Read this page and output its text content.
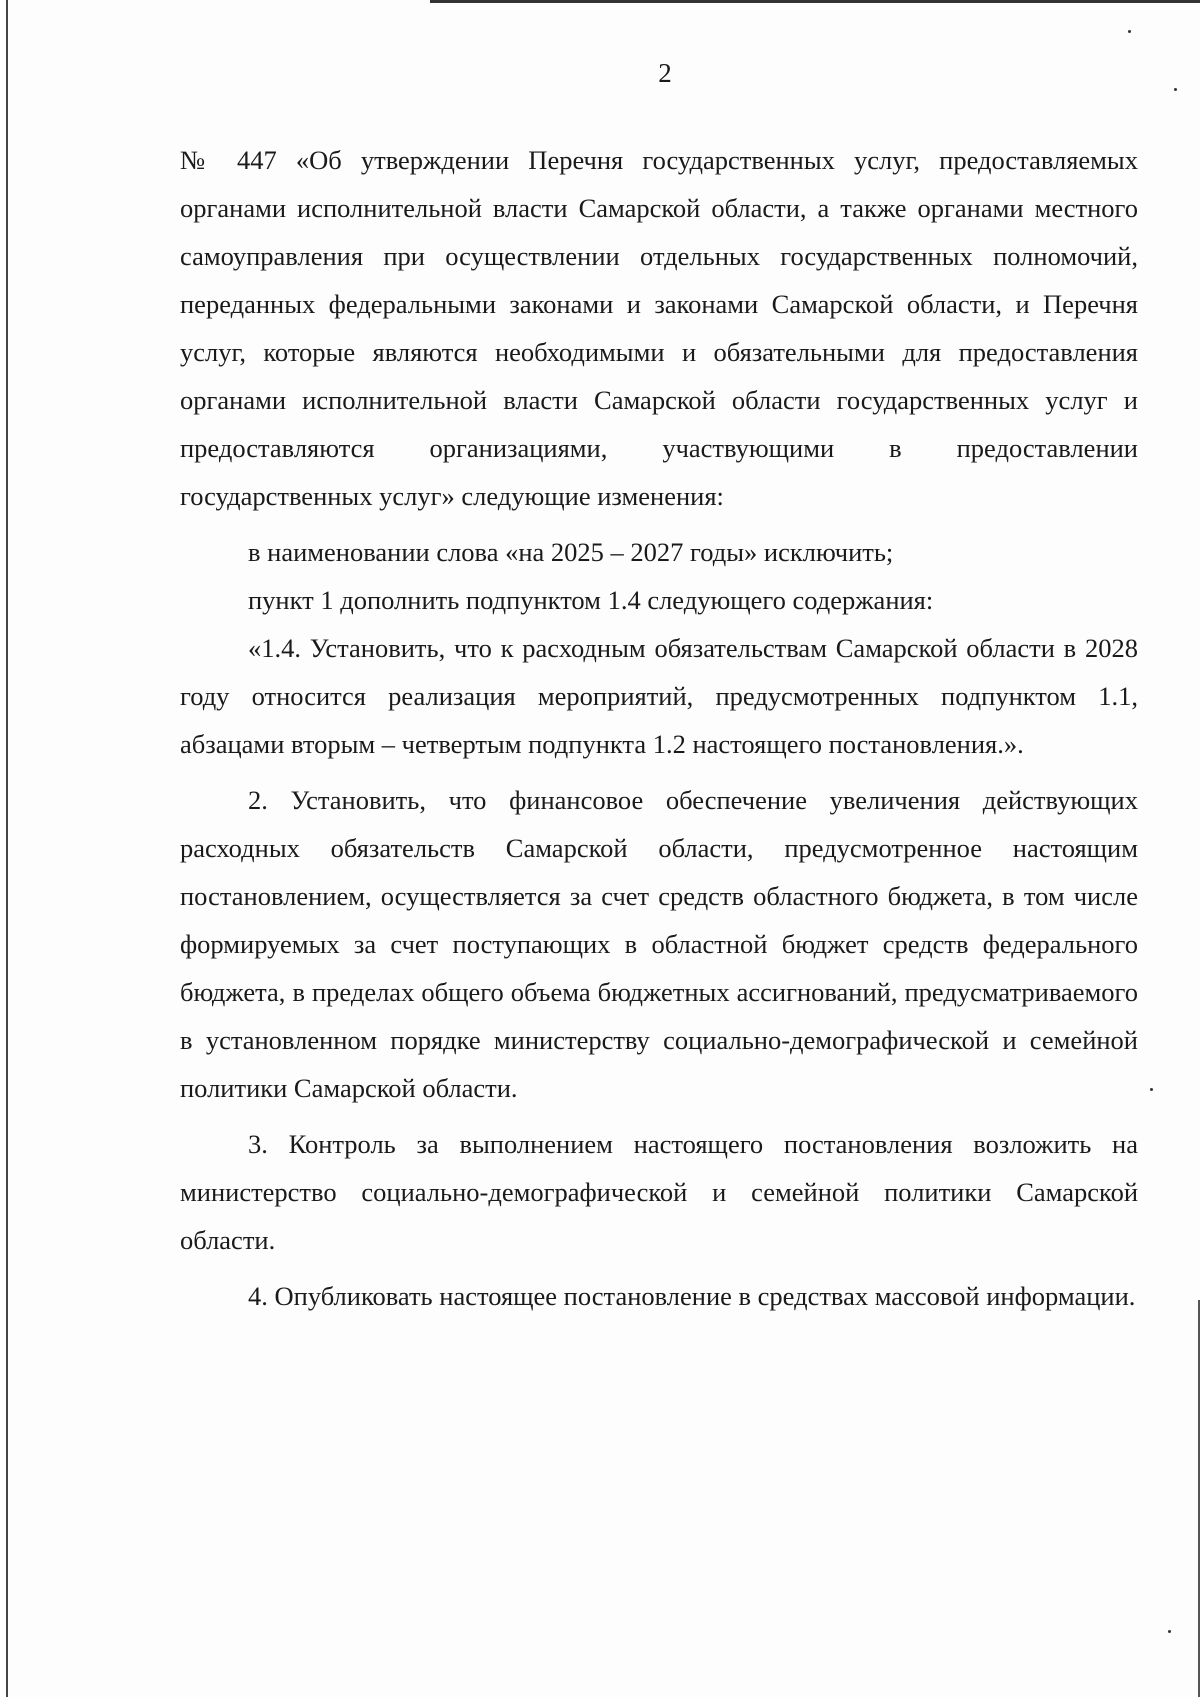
2

№ 447 «Об утверждении Перечня государственных услуг, предоставляемых органами исполнительной власти Самарской области, а также органами местного самоуправления при осуществлении отдельных государственных полномочий, переданных федеральными законами и законами Самарской области, и Перечня услуг, которые являются необходимыми и обязательными для предоставления органами исполнительной власти Самарской области государственных услуг и предоставляются организациями, участвующими в предоставлении государственных услуг» следующие изменения:

в наименовании слова «на 2025 – 2027 годы» исключить;

пункт 1 дополнить подпунктом 1.4 следующего содержания:

«1.4. Установить, что к расходным обязательствам Самарской области в 2028 году относится реализация мероприятий, предусмотренных подпунктом 1.1, абзацами вторым – четвертым подпункта 1.2 настоящего постановления.».

2. Установить, что финансовое обеспечение увеличения действующих расходных обязательств Самарской области, предусмотренное настоящим постановлением, осуществляется за счет средств областного бюджета, в том числе формируемых за счет поступающих в областной бюджет средств федерального бюджета, в пределах общего объема бюджетных ассигнований, предусматриваемого в установленном порядке министерству социально-демографической и семейной политики Самарской области.

3. Контроль за выполнением настоящего постановления возложить на министерство социально-демографической и семейной политики Самарской области.

4. Опубликовать настоящее постановление в средствах массовой информации.
